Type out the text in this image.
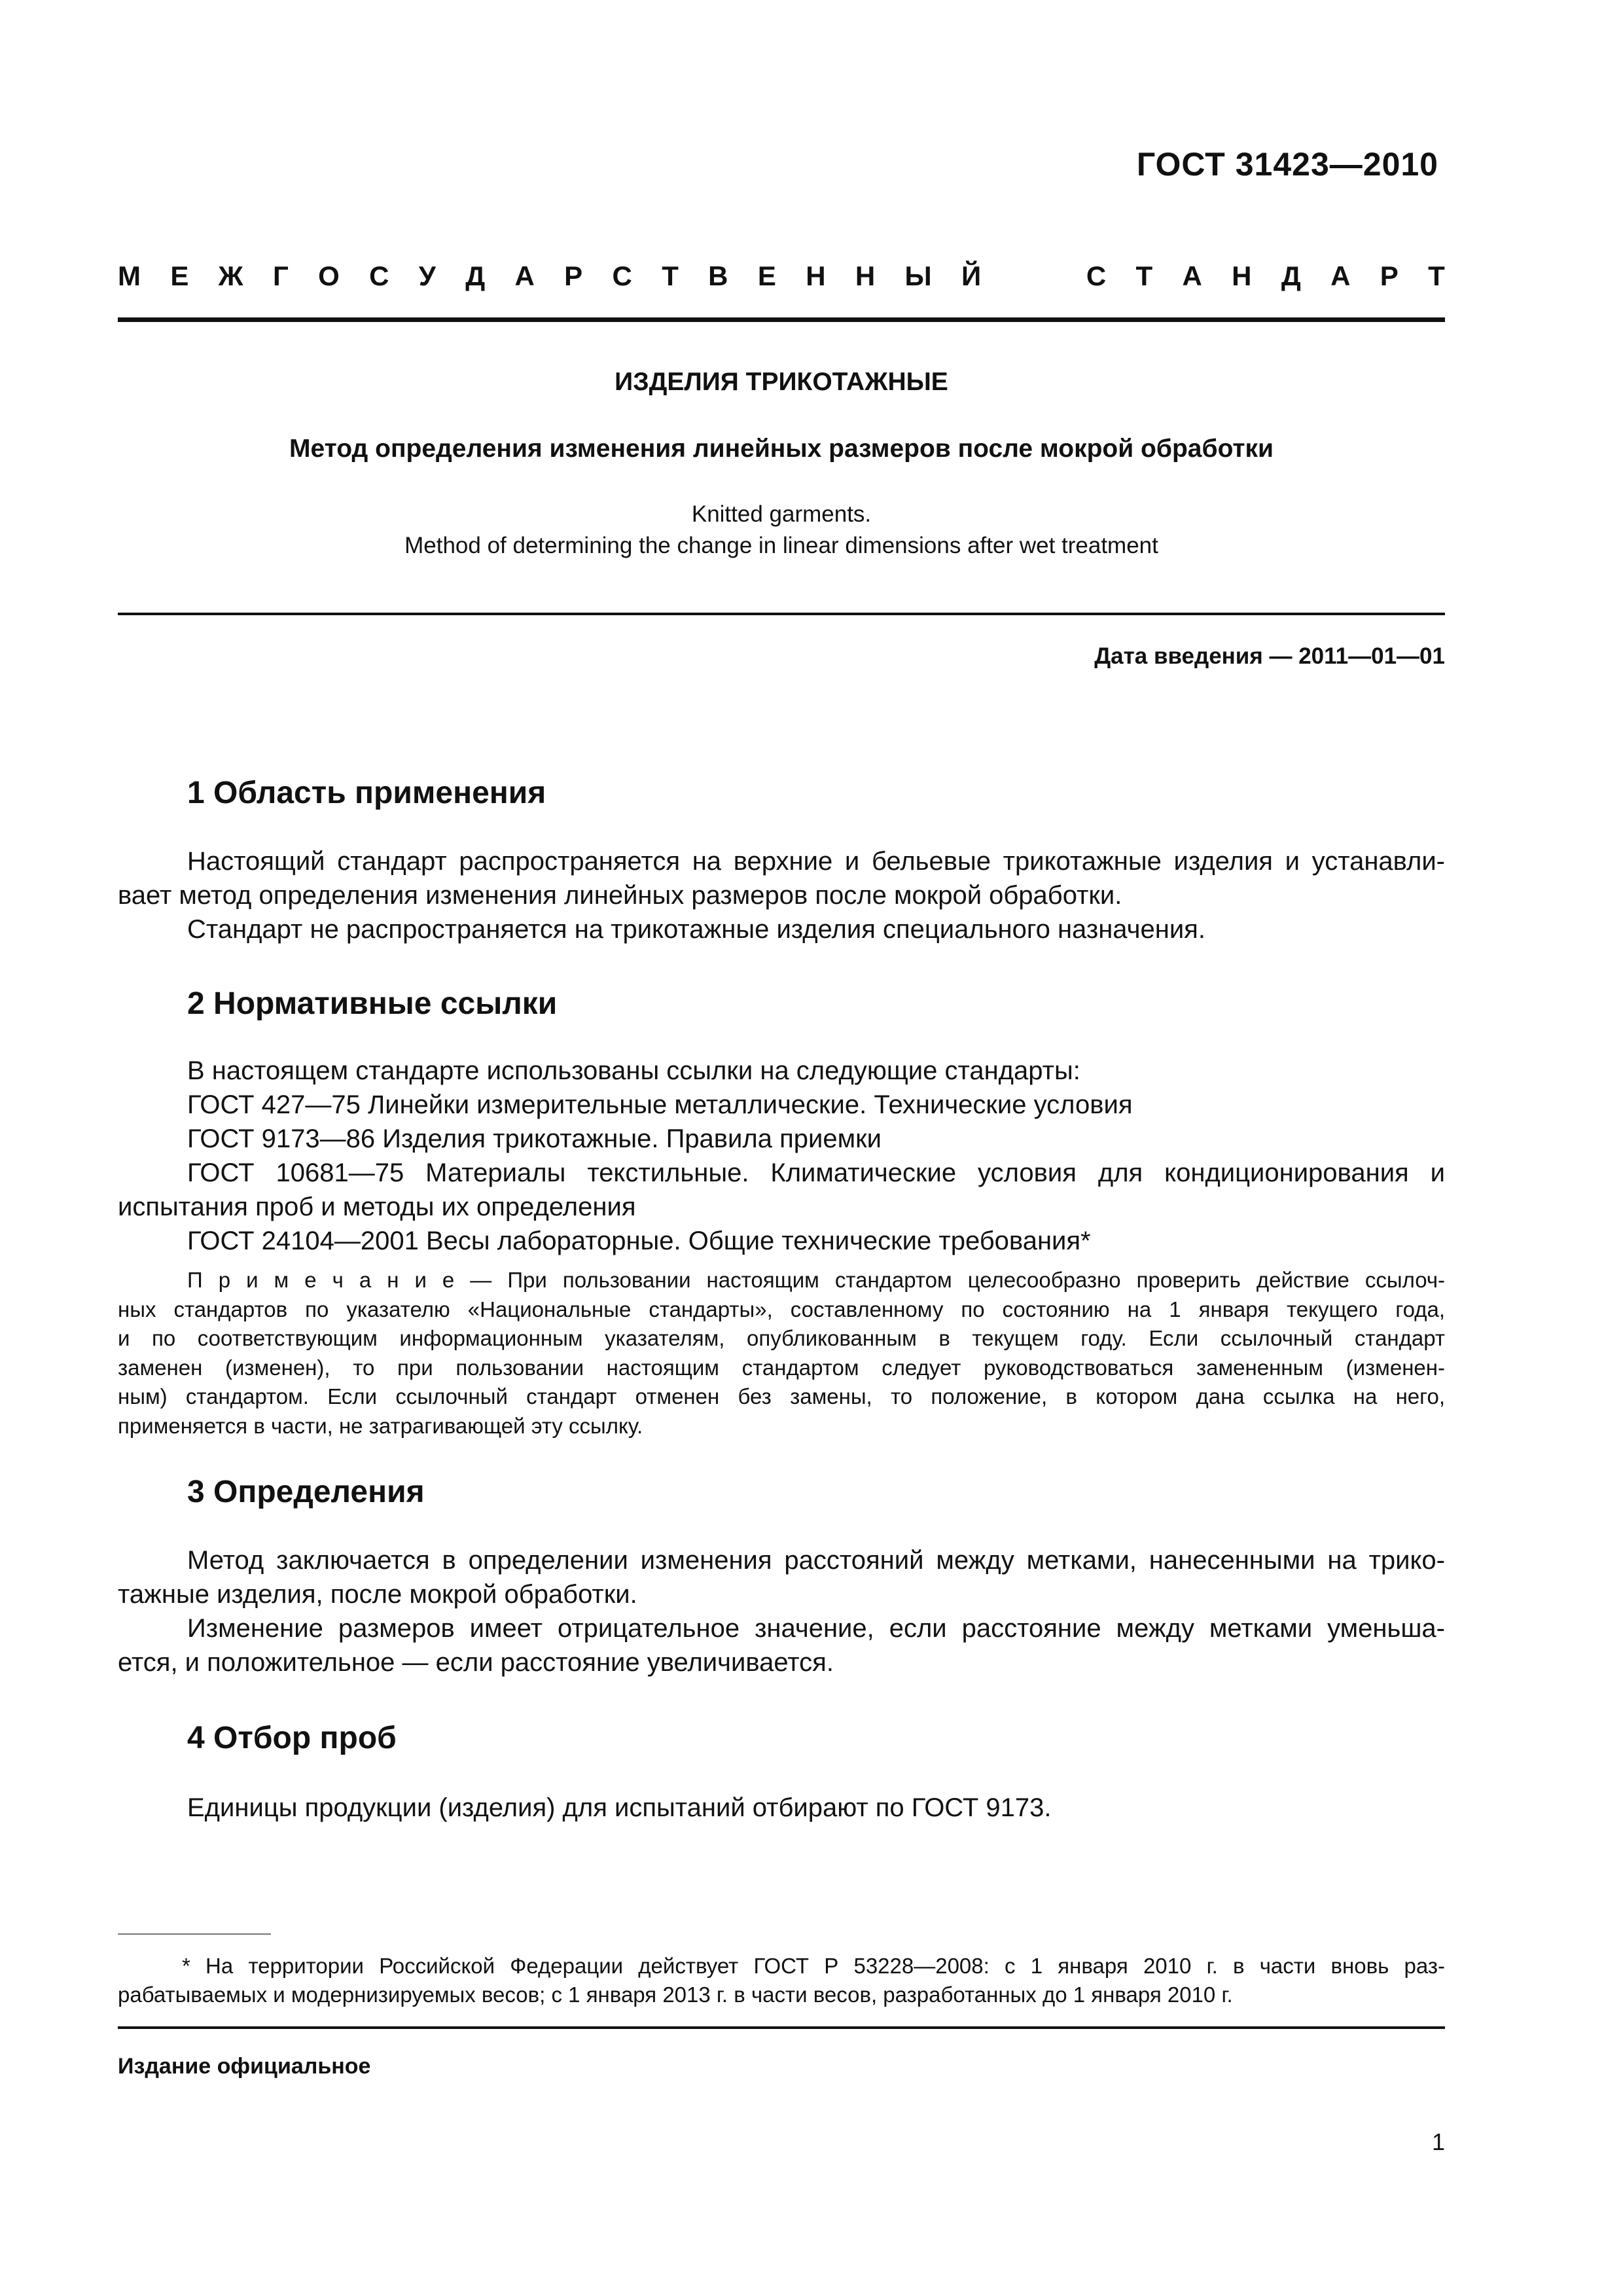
ГОСТ 31423—2010
М Е Ж Г О С У Д А Р С Т В Е Н Н Ы Й	С Т А Н Д А Р Т
ИЗДЕЛИЯ ТРИКОТАЖНЫЕ
Метод определения изменения линейных размеров после мокрой обработки
Knitted garments.
Method of determining the change in linear dimensions after wet treatment
Дата введения — 2011—01—01
1 Область применения
Настоящий стандарт распространяется на верхние и бельевые трикотажные изделия и устанавли-
вает метод определения изменения линейных размеров после мокрой обработки.
Стандарт не распространяется на трикотажные изделия специального назначения.
2 Нормативные ссылки
В настоящем стандарте использованы ссылки на следующие стандарты:
ГОСТ 427—75 Линейки измерительные металлические. Технические условия
ГОСТ 9173—86 Изделия трикотажные. Правила приемки
ГОСТ 10681—75 Материалы текстильные. Климатические условия для кондиционирования и
испытания проб и методы их определения
ГОСТ 24104—2001 Весы лабораторные. Общие технические требования*
П р и м е ч а н и е — При пользовании настоящим стандартом целесообразно проверить действие ссылоч-
ных стандартов по указателю «Национальные стандарты», составленному по состоянию на 1 января текущего года,
и по соответствующим информационным указателям, опубликованным в текущем году. Если ссылочный стандарт
заменен (изменен), то при пользовании настоящим стандартом следует руководствоваться замененным (изменен-
ным) стандартом. Если ссылочный стандарт отменен без замены, то положение, в котором дана ссылка на него,
применяется в части, не затрагивающей эту ссылку.
3 Определения
Метод заключается в определении изменения расстояний между метками, нанесенными на трико-
тажные изделия, после мокрой обработки.
Изменение размеров имеет отрицательное значение, если расстояние между метками уменьша-
ется, и положительное — если расстояние увеличивается.
4 Отбор проб
Единицы продукции (изделия) для испытаний отбирают по ГОСТ 9173.
* На территории Российской Федерации действует ГОСТ Р 53228—2008: с 1 января 2010 г. в части вновь раз-
рабатываемых и модернизируемых весов; с 1 января 2013 г. в части весов, разработанных до 1 января 2010 г.
Издание официальное
1
